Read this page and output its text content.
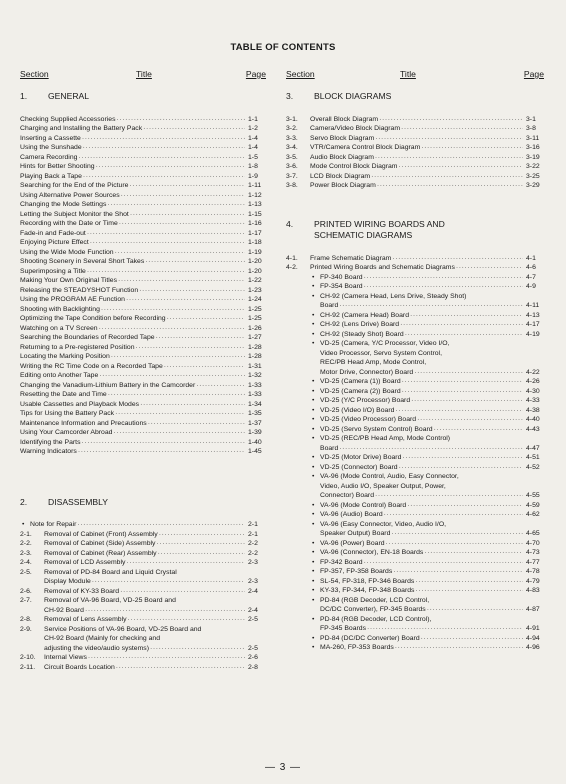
TABLE OF CONTENTS
Section	Title	Page
1.	GENERAL
Checking Supplied Accessories ·····	1-1
Charging and Installing the Battery Pack ·····	1-2
Inserting a Cassette ·····	1-4
Using the Sunshade ·····	1-4
Camera Recording ·····	1-5
Hints for Better Shooting ·····	1-8
Playing Back a Tape ·····	1-9
Searching for the End of the Picture ·····	1-11
Using Alternative Power Sources ·····	1-12
Changing the Mode Settings ·····	1-13
Letting the Subject Monitor the Shot ·····	1-15
Recording with the Date or Time ·····	1-16
Fade-in and Fade-out ·····	1-17
Enjoying Picture Effect ·····	1-18
Using the Wide Mode Function ·····	1-19
Shooting Scenery in Several Short Takes ·····	1-20
Superimposing a Title ·····	1-20
Making Your Own Original Titles ·····	1-22
Releasing the STEADYSHOT Function ·····	1-23
Using the PROGRAM AE Function ·····	1-24
Shooting with Backlighting ·····	1-25
Optimizing the Tape Condition before Recording ·····	1-25
Watching on a TV Screen ·····	1-26
Searching the Boundaries of Recorded Tape ·····	1-27
Returning to a Pre-registered Position ·····	1-28
Locating the Marking Position ·····	1-28
Writing the RC Time Code on a Recorded Tape ·····	1-31
Editing onto Another Tape ·····	1-32
Changing the Vanadium-Lithium Battery in the Camcorder ·····	1-33
Resetting the Date and Time ·····	1-33
Usable Cassettes and Playback Modes ·····	1-34
Tips for Using the Battery Pack ·····	1-35
Maintenance Information and Precautions ·····	1-37
Using Your Camcorder Abroad ·····	1-39
Identifying the Parts ·····	1-40
Warning Indicators ·····	1-45
2.	DISASSEMBLY
• Note for Repair ·····	2-1
2-1.	Removal of Cabinet (Front) Assembly ·····	2-1
2-2.	Removal of Cabinet (Side) Assembly ·····	2-2
2-3.	Removal of Cabinet (Rear) Assembly ·····	2-2
2-4.	Removal of LCD Assembly ·····	2-3
2-5.	Removal of PD-84 Board and Liquid Crystal
Display Module ·····	2-3
2-6.	Removal of KY-33 Board ·····	2-4
2-7.	Removal of VA-96 Board, VD-25 Board and
CH-92 Board ·····	2-4
2-8.	Removal of Lens Assembly ·····	2-5
2-9.	Service Positions of VA-96 Board, VD-25 Board and
CH-92 Board (Mainly for checking and
adjusting the video/audio systems) ·····	2-5
2-10.	Internal Views ·····	2-6
2-11.	Circuit Boards Location ·····	2-8
Section	Title	Page
3.	BLOCK DIAGRAMS
3-1.	Overall Block Diagram ·····	3-1
3-2.	Camera/Video Block Diagram ·····	3-8
3-3.	Servo Block Diagram ·····	3-11
3-4.	VTR/Camera Control Block Diagram ·····	3-16
3-5.	Audio Block Diagram ·····	3-19
3-6.	Mode Control Block Diagram ·····	3-22
3-7.	LCD Block Diagram ·····	3-25
3-8.	Power Block Diagram ·····	3-29
4.	PRINTED WIRING BOARDS AND
SCHEMATIC DIAGRAMS
4-1.	Frame Schematic Diagram ·····	4-1
4-2.	Printed Wiring Boards and Schematic Diagrams ·····	4-6
• FP-340 Board ·····	4-7
• FP-354 Board ·····	4-9
• CH-92 (Camera Head, Lens Drive, Steady Shot)
Board ·····	4-11
• CH-92 (Camera Head) Board ·····	4-13
• CH-92 (Lens Drive) Board ·····	4-17
• CH-92 (Steady Shot) Board ·····	4-19
• VD-25 (Camera, Y/C Processor, Video I/O,
Video Processor, Servo System Control,
REC/PB Head Amp, Mode Control,
Motor Drive, Connector) Board ·····	4-22
• VD-25 (Camera (1)) Board ·····	4-26
• VD-25 (Camera (2)) Board ·····	4-30
• VD-25 (Y/C Processor) Board ·····	4-33
• VD-25 (Video I/O) Board ·····	4-38
• VD-25 (Video Processor) Board ·····	4-40
• VD-25 (Servo System Control) Board ·····	4-43
• VD-25 (REC/PB Head Amp, Mode Control)
Board ·····	4-47
• VD-25 (Motor Drive) Board ·····	4-51
• VD-25 (Connector) Board ·····	4-52
• VA-96 (Mode Control, Audio, Easy Connector,
Video, Audio I/O, Speaker Output, Power,
Connector) Board ·····	4-55
• VA-96 (Mode Control) Board ·····	4-59
• VA-96 (Audio) Board ·····	4-62
• VA-96 (Easy Connector, Video, Audio I/O,
Speaker Output) Board ·····	4-65
• VA-96 (Power) Board ·····	4-70
• VA-96 (Connector), EN-18 Boards ·····	4-73
• FP-342 Board ·····	4-77
• FP-357, FP-358 Boards ·····	4-78
• SL-54, FP-318, FP-346 Boards ·····	4-79
• KY-33, FP-344, FP-348 Boards ·····	4-83
• PD-84 (RGB Decoder, LCD Control,
DC/DC Converter), FP-345 Boards ·····	4-87
• PD-84 (RGB Decoder, LCD Control),
FP-345 Boards ·····	4-91
• PD-84 (DC/DC Converter) Board ·····	4-94
• MA-260, FP-353 Boards ·····	4-96
— 3 —
